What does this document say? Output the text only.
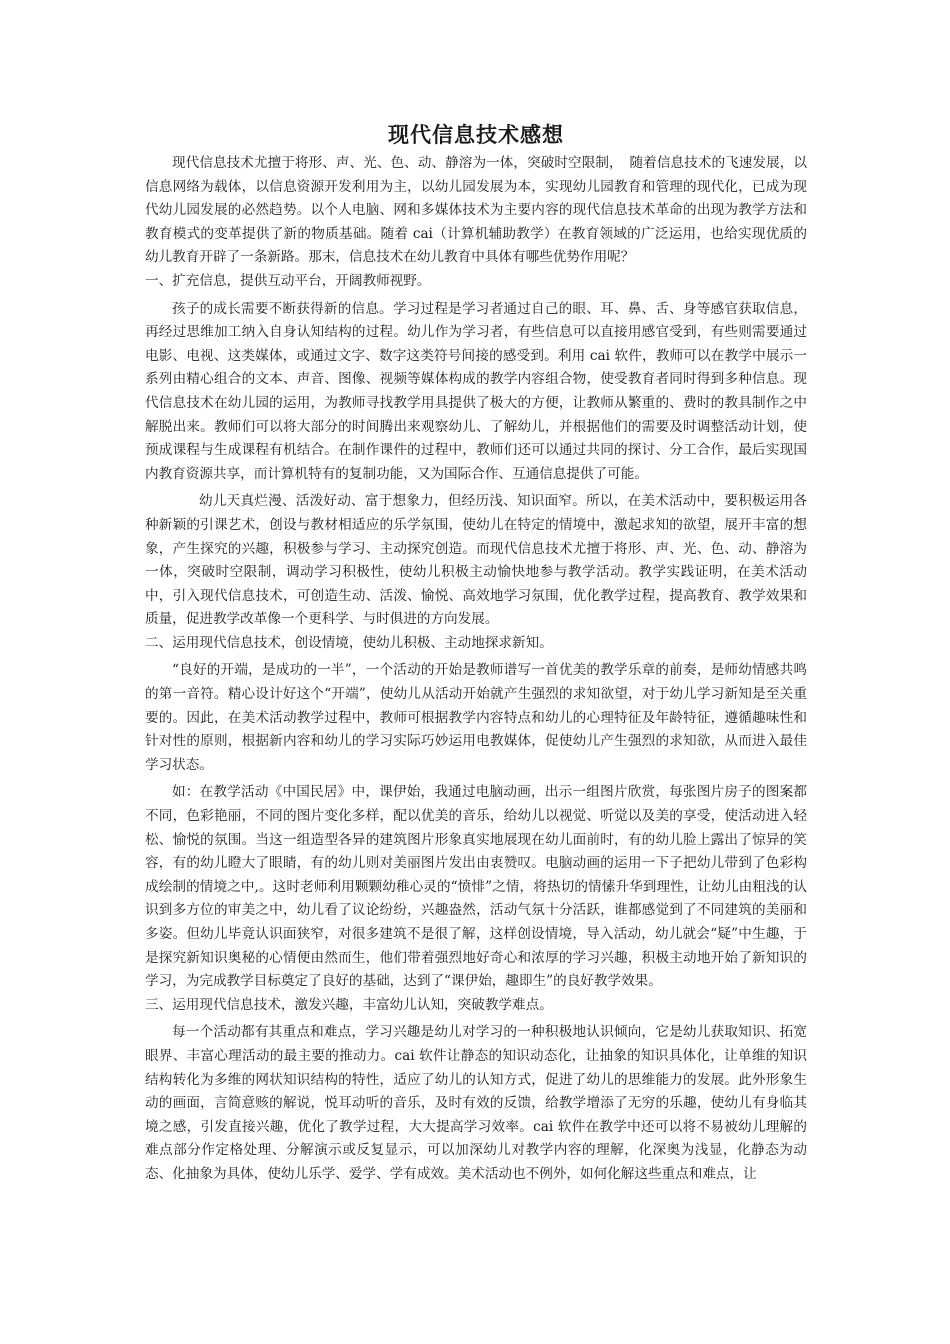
现代信息技术感想

现代信息技术尤擅于将形、声、光、色、动、静溶为一体，突破时空限制，　随着信息技术的飞速发展，以信息网络为载体，以信息资源开发利用为主，以幼儿园发展为本，实现幼儿园教育和管理的现代化，已成为现代幼儿园发展的必然趋势。以个人电脑、网和多媒体技术为主要内容的现代信息技术革命的出现为教学方法和教育模式的变革提供了新的物质基础。随着 cai（计算机辅助教学）在教育领域的广泛运用，也给实现优质的幼儿教育开辟了一条新路。那末，信息技术在幼儿教育中具体有哪些优势作用呢？

一、扩充信息，提供互动平台，开阔教师视野。

孩子的成长需要不断获得新的信息。学习过程是学习者通过自己的眼、耳、鼻、舌、身等感官获取信息，再经过思维加工纳入自身认知结构的过程。幼儿作为学习者，有些信息可以直接用感官受到，有些则需要通过电影、电视、这类媒体，或通过文字、数字这类符号间接的感受到。利用 cai 软件，教师可以在教学中展示一系列由精心组合的文本、声音、图像、视频等媒体构成的教学内容组合物，使受教育者同时得到多种信息。现代信息技术在幼儿园的运用，为教师寻找教学用具提供了极大的方便，让教师从繁重的、费时的教具制作之中解脱出来。教师们可以将大部分的时间腾出来观察幼儿、了解幼儿，并根据他们的需要及时调整活动计划，使预成课程与生成课程有机结合。在制作课件的过程中，教师们还可以通过共同的探讨、分工合作，最后实现国内教育资源共享，而计算机特有的复制功能，又为国际合作、互通信息提供了可能。

幼儿天真烂漫、活泼好动、富于想象力，但经历浅、知识面窄。所以，在美术活动中，要积极运用各种新颖的引课艺术，创设与教材相适应的乐学氛围，使幼儿在特定的情境中，激起求知的欲望，展开丰富的想象，产生探究的兴趣，积极参与学习、主动探究创造。而现代信息技术尤擅于将形、声、光、色、动、静溶为一体，突破时空限制，调动学习积极性，使幼儿积极主动愉快地参与教学活动。教学实践证明，在美术活动中，引入现代信息技术，可创造生动、活泼、愉悦、高效地学习氛围，优化教学过程，提高教育、教学效果和质量，促进教学改革像一个更科学、与时俱进的方向发展。

二、运用现代信息技术，创设情境，使幼儿积极、主动地探求新知。

“良好的开端，是成功的一半”，一个活动的开始是教师谱写一首优美的教学乐章的前奏，是师幼情感共鸣的第一音符。精心设计好这个“开端”，使幼儿从活动开始就产生强烈的求知欲望，对于幼儿学习新知是至关重要的。因此，在美术活动教学过程中，教师可根据教学内容特点和幼儿的心理特征及年龄特征，遵循趣味性和针对性的原则，根据新内容和幼儿的学习实际巧妙运用电教媒体，促使幼儿产生强烈的求知欲，从而进入最佳学习状态。

如：在教学活动《中国民居》中，课伊始，我通过电脑动画，出示一组图片欣赏，每张图片房子的图案都不同，色彩艳丽，不同的图片变化多样，配以优美的音乐，给幼儿以视觉、听觉以及美的享受，使活动进入轻松、愉悦的氛围。当这一组造型各异的建筑图片形象真实地展现在幼儿面前时，有的幼儿脸上露出了惊异的笑容，有的幼儿瞪大了眼睛，有的幼儿则对美丽图片发出由衷赞叹。电脑动画的运用一下子把幼儿带到了色彩构成绘制的情境之中,。这时老师利用颗颗幼稚心灵的“愤悱”之情，将热切的情愫升华到理性，让幼儿由粗浅的认识到多方位的审美之中，幼儿看了议论纷纷，兴趣盎然，活动气氛十分活跃，谁都感觉到了不同建筑的美丽和多姿。但幼儿毕竟认识面狭窄，对很多建筑不是很了解，这样创设情境，导入活动，幼儿就会“疑”中生趣，于是探究新知识奥秘的心情便由然而生，他们带着强烈地好奇心和浓厚的学习兴趣，积极主动地开始了新知识的学习，为完成教学目标奠定了良好的基础，达到了“课伊始，趣即生”的良好教学效果。

三、运用现代信息技术，激发兴趣，丰富幼儿认知，突破教学难点。

每一个活动都有其重点和难点，学习兴趣是幼儿对学习的一种积极地认识倾向，它是幼儿获取知识、拓宽眼界、丰富心理活动的最主要的推动力。cai 软件让静态的知识动态化，让抽象的知识具体化，让单维的知识结构转化为多维的网状知识结构的特性，适应了幼儿的认知方式，促进了幼儿的思维能力的发展。此外形象生动的画面，言简意赅的解说，悦耳动听的音乐，及时有效的反馈，给教学增添了无穷的乐趣，使幼儿有身临其境之感，引发直接兴趣，优化了教学过程，大大提高学习效率。cai 软件在教学中还可以将不易被幼儿理解的难点部分作定格处理、分解演示或反复显示，可以加深幼儿对教学内容的理解，化深奥为浅显，化静态为动态、化抽象为具体，使幼儿乐学、爱学、学有成效。美术活动也不例外，如何化解这些重点和难点，让
